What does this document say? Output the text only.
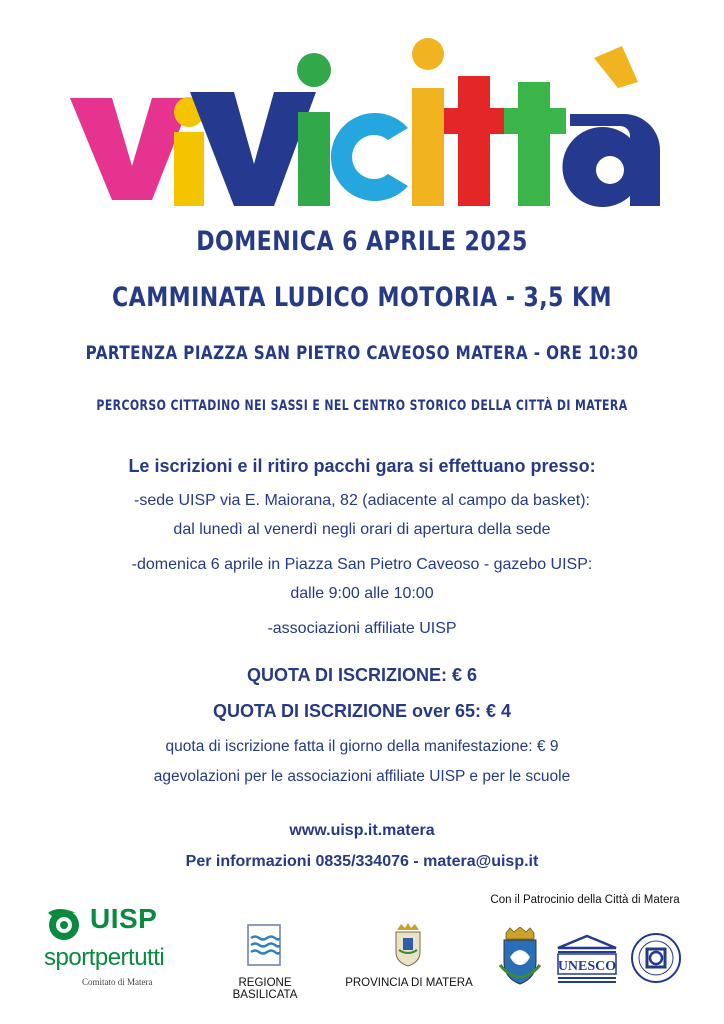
DOMENICA 6 APRILE 2025
CAMMINATA LUDICO MOTORIA - 3,5 KM
PARTENZA PIAZZA SAN PIETRO CAVEOSO MATERA - ORE 10:30
PERCORSO CITTADINO NEI SASSI E NEL CENTRO STORICO DELLA CITTÀ DI MATERA
Le iscrizioni e il ritiro pacchi gara si effettuano presso:
-sede UISP via E. Maiorana, 82 (adiacente al campo da basket):
dal lunedì al venerdì negli orari di apertura della sede
-domenica 6 aprile in Piazza San Pietro Caveoso - gazebo UISP:
dalle 9:00 alle 10:00
-associazioni affiliate UISP
QUOTA DI ISCRIZIONE: € 6
QUOTA DI ISCRIZIONE over 65: € 4
quota di iscrizione fatta il giorno della manifestazione: € 9
agevolazioni per le associazioni affiliate UISP e per le scuole
www.uisp.it.matera
Per informazioni 0835/334076 - matera@uisp.it
UISP
sportpertutti
Comitato di Matera	REGIONE BASILICATA
PROVINCIA DI MATERA
Con il Patrocinio della Città di Matera
UNESCO
